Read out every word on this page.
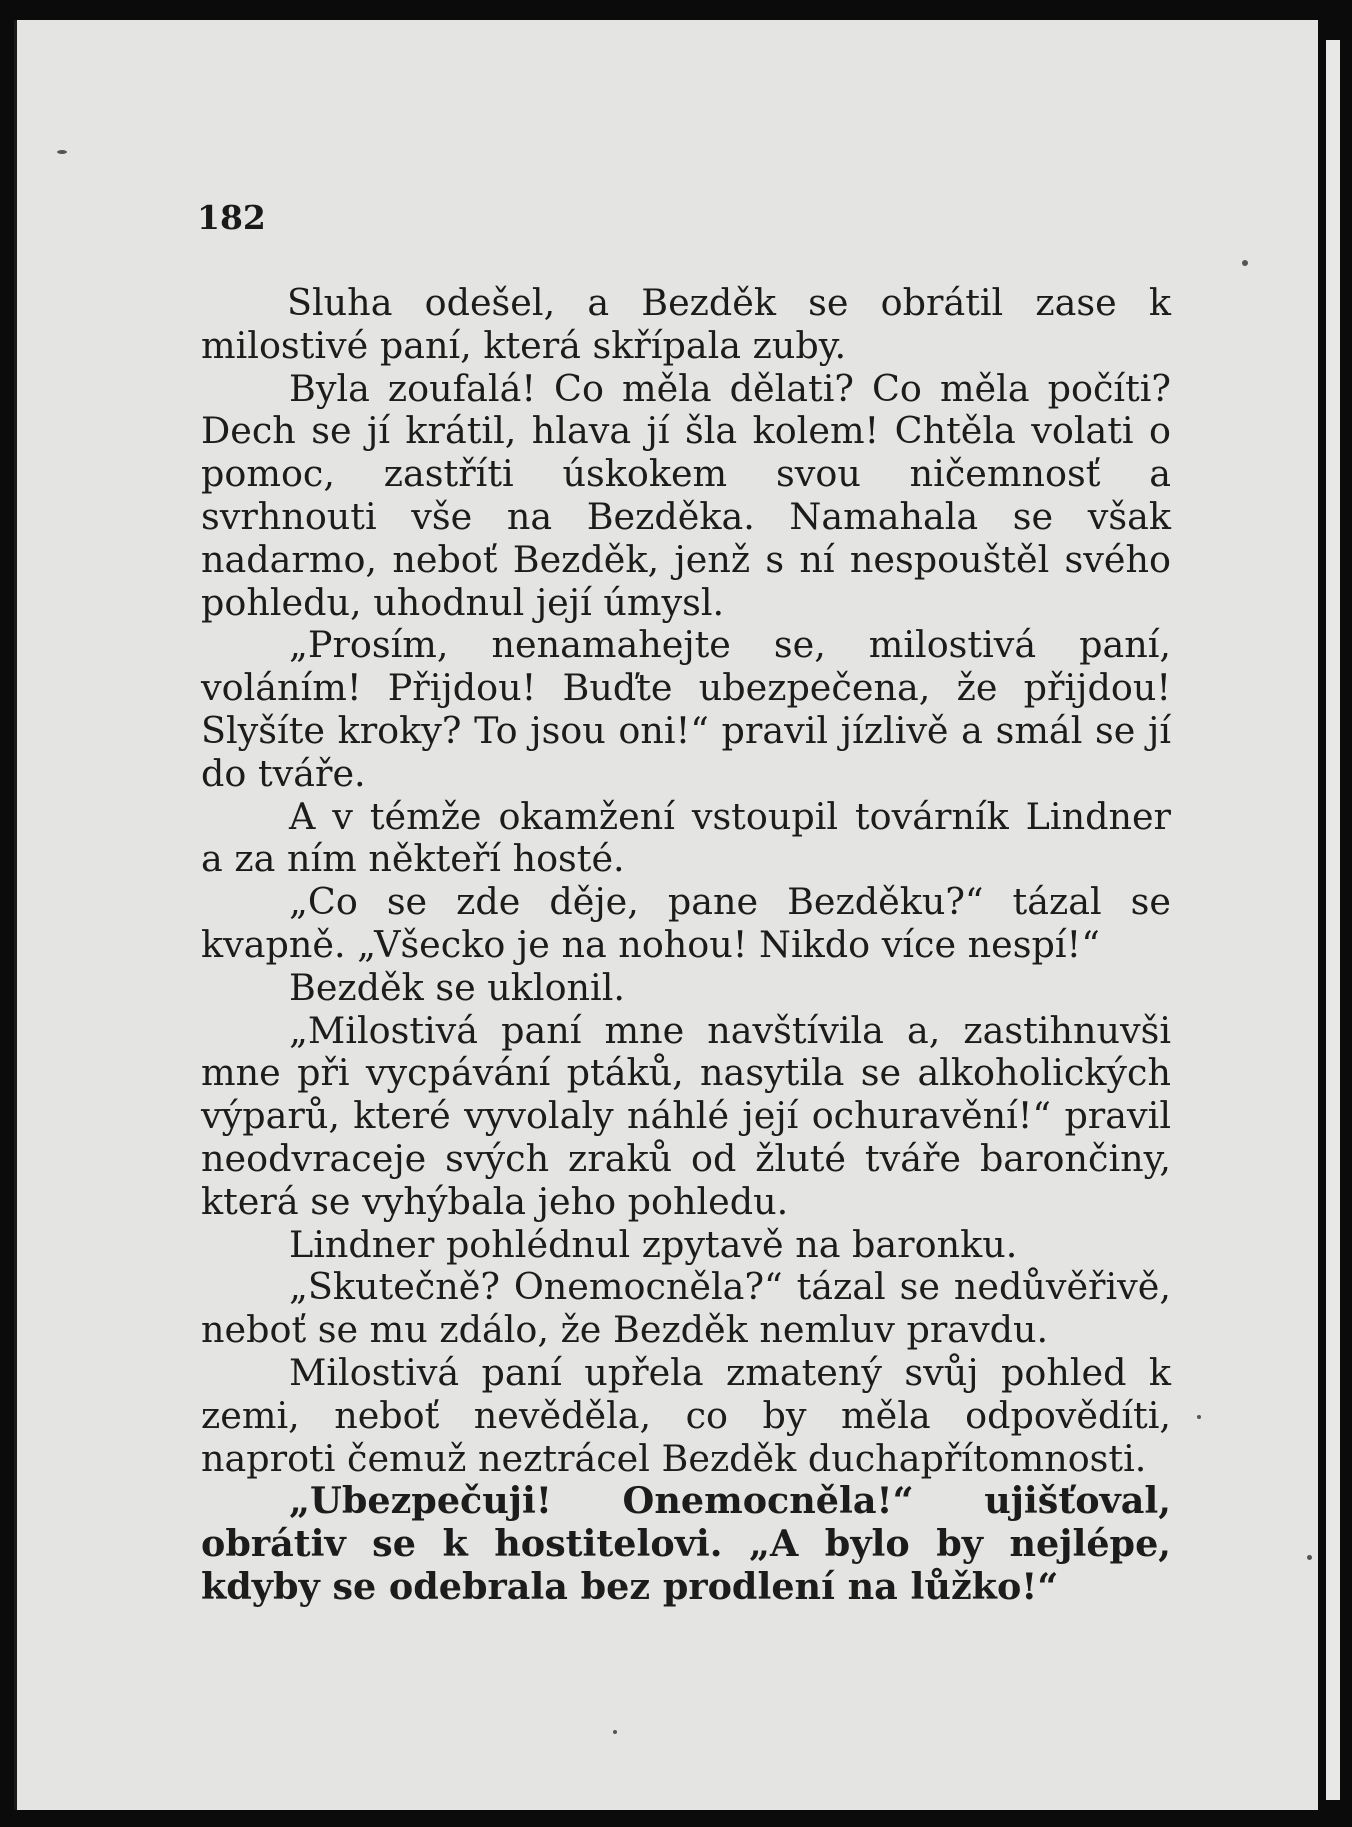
182

Sluha odešel, a Bezděk se obrátil zase k milostivé paní, která skřípala zuby.

Byla zoufalá! Co měla dělati? Co měla počíti? Dech se jí krátil, hlava jí šla kolem! Chtěla volati o pomoc, zastříti úskokem svou ničemnosť a svrhnouti vše na Bezděka. Namahala se však nadarmo, neboť Bezděk, jenž s ní nespouštěl svého pohledu, uhodnul její úmysl.

„Prosím, nenamahejte se, milostivá paní, voláním! Přijdou! Buďte ubezpečena, že přijdou! Slyšíte kroky? To jsou oni!“ pravil jízlivě a smál se jí do tváře.

A v témže okamžení vstoupil továrník Lindner a za ním někteří hosté.

„Co se zde děje, pane Bezděku?“ tázal se kvapně. „Všecko je na nohou! Nikdo více nespí!“

Bezděk se uklonil.

„Milostivá paní mne navštívila a, zastihnuvši mne při vycpávání ptáků, nasytila se alkoholických výparů, které vyvolaly náhlé její ochuravění!“ pravil neodvraceje svých zraků od žluté tváře barončiny, která se vyhýbala jeho pohledu.

Lindner pohlédnul zpytavě na baronku.

„Skutečně? Onemocněla?“ tázal se nedůvěřivě, neboť se mu zdálo, že Bezděk nemluv pravdu.

Milostivá paní upřela zmatený svůj pohled k zemi, neboť nevěděla, co by měla odpovědíti, naproti čemuž neztrácel Bezděk duchapřítomnosti.

„Ubezpečuji! Onemocněla!“ ujišťoval, obrátiv se k hostitelovi. „A bylo by nejlépe, kdyby se odebrala bez prodlení na lůžko!“
